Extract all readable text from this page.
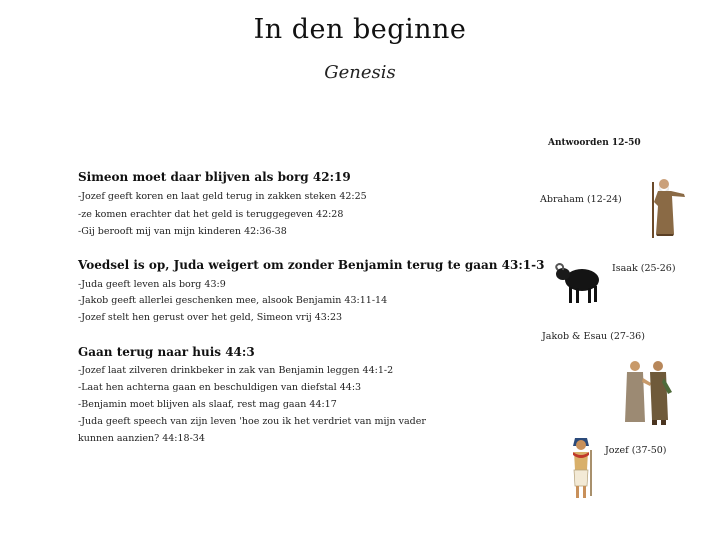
In den beginne
Genesis
Antwoorden 12-50
Simeon moet daar blijven als borg 42:19
-Jozef geeft koren en laat geld terug in zakken steken 42:25
-ze komen erachter dat het geld is teruggegeven 42:28
-Gij berooft mij van mijn kinderen 42:36-38
Voedsel is op, Juda weigert om zonder Benjamin terug te gaan 43:1-3
-Juda geeft leven als borg 43:9
-Jakob geeft allerlei geschenken mee, alsook Benjamin 43:11-14
-Jozef stelt hen gerust over het geld, Simeon vrij 43:23
Gaan terug naar huis 44:3
-Jozef laat zilveren drinkbeker in zak van Benjamin leggen 44:1-2
-Laat hen achterna gaan en beschuldigen van diefstal 44:3
-Benjamin moet blijven als slaaf, rest mag gaan 44:17
-Juda geeft speech van zijn leven 'hoe zou ik het verdriet van mijn vader
kunnen aanzien? 44:18-34
Abraham (12-24)
Isaak (25-26)
Jakob & Esau (27-36)
Jozef (37-50)
